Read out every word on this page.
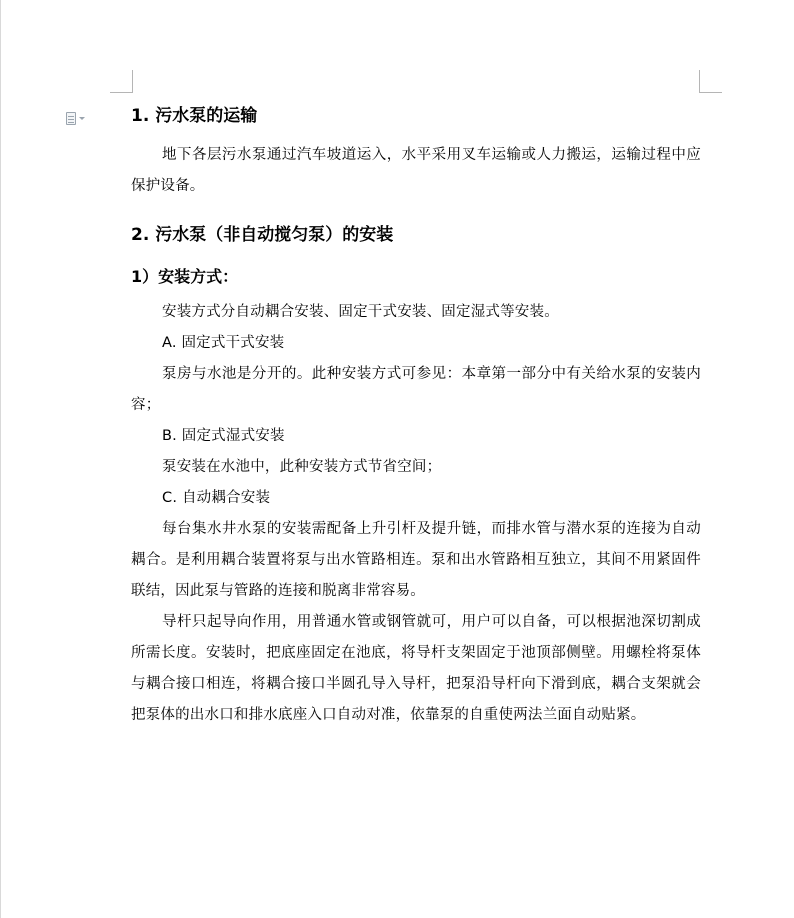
1. 污水泵的运输

地下各层污水泵通过汽车坡道运入，水平采用叉车运输或人力搬运，运输过程中应保护设备。

2. 污水泵（非自动搅匀泵）的安装
1）安装方式：

安装方式分自动耦合安装、固定干式安装、固定湿式等安装。

A. 固定式干式安装

泵房与水池是分开的。此种安装方式可参见：本章第一部分中有关给水泵的安装内容；

B. 固定式湿式安装

泵安装在水池中，此种安装方式节省空间；

C. 自动耦合安装

每台集水井水泵的安装需配备上升引杆及提升链，而排水管与潜水泵的连接为自动耦合。是利用耦合装置将泵与出水管路相连。泵和出水管路相互独立，其间不用紧固件联结，因此泵与管路的连接和脱离非常容易。

导杆只起导向作用，用普通水管或钢管就可，用户可以自备，可以根据池深切割成所需长度。安装时，把底座固定在池底，将导杆支架固定于池顶部侧壁。用螺栓将泵体与耦合接口相连，将耦合接口半圆孔导入导杆，把泵沿导杆向下滑到底，耦合支架就会把泵体的出水口和排水底座入口自动对准，依靠泵的自重使两法兰面自动贴紧。
